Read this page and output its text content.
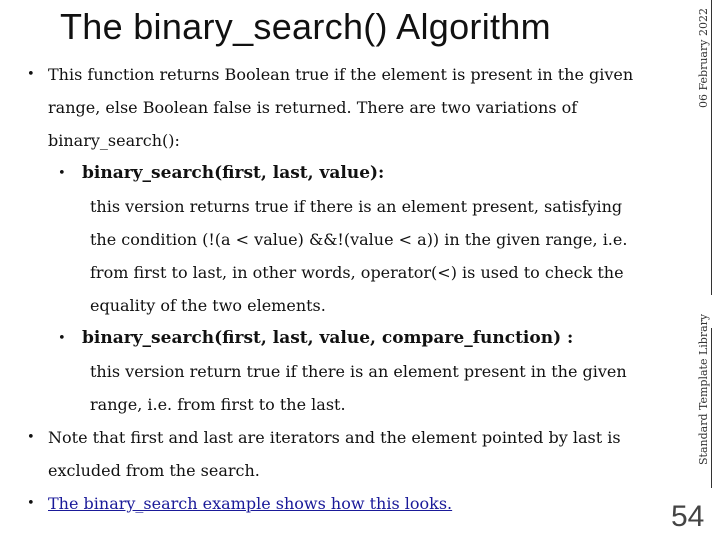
The binary_search() Algorithm
• This function returns Boolean true if the element is present in the given
range, else Boolean false is returned. There are two variations of
binary_search():
• binary_search(first, last, value):
this version returns true if there is an element present, satisfying
the condition (!(a < value) &&!(value < a)) in the given range, i.e.
from first to last, in other words, operator(<) is used to check the
equality of the two elements.
• binary_search(first, last, value, compare_function) :
this version return true if there is an element present in the given
range, i.e. from first to the last.
• Note that first and last are iterators and the element pointed by last is
excluded from the search.
• The binary_search example shows how this looks.
06 February 2022
Standard Template Library
54
